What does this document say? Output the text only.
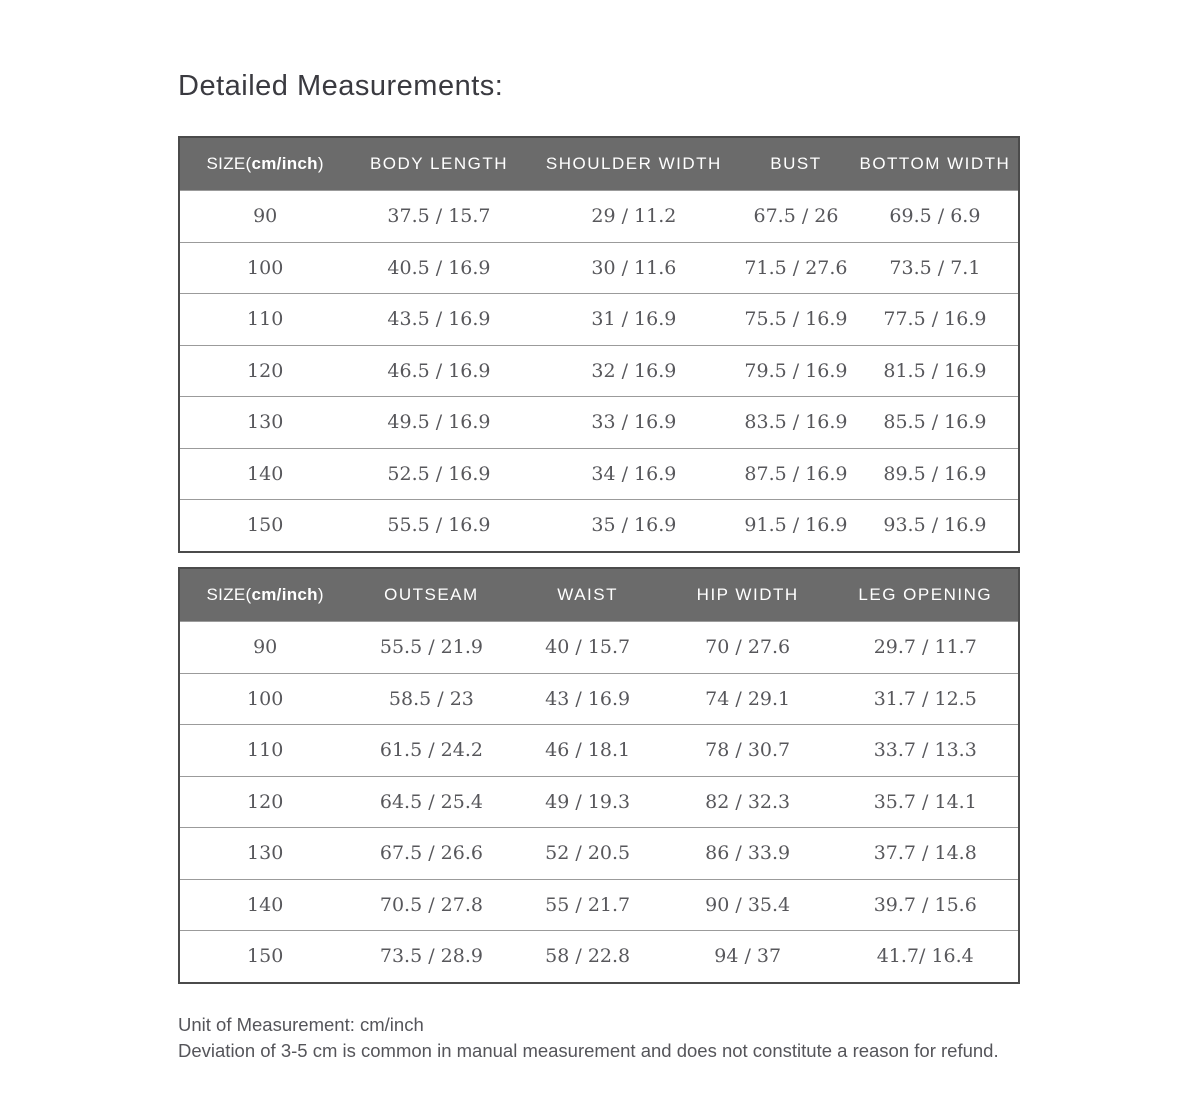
Detailed Measurements:
SIZE(cm/inch)	BODY LENGTH	SHOULDER WIDTH	BUST	BOTTOM WIDTH
90	37.5 / 15.7	29 / 11.2	67.5 / 26	69.5 / 6.9
100	40.5 / 16.9	30 / 11.6	71.5 / 27.6	73.5 / 7.1
110	43.5 / 16.9	31 / 16.9	75.5 / 16.9	77.5 / 16.9
120	46.5 / 16.9	32 / 16.9	79.5 / 16.9	81.5 / 16.9
130	49.5 / 16.9	33 / 16.9	83.5 / 16.9	85.5 / 16.9
140	52.5 / 16.9	34 / 16.9	87.5 / 16.9	89.5 / 16.9
150	55.5 / 16.9	35 / 16.9	91.5 / 16.9	93.5 / 16.9
SIZE(cm/inch)	OUTSEAM	WAIST	HIP WIDTH	LEG OPENING
90	55.5 / 21.9	40 / 15.7	70 / 27.6	29.7 / 11.7
100	58.5 / 23	43 / 16.9	74 / 29.1	31.7 / 12.5
110	61.5 / 24.2	46 / 18.1	78 / 30.7	33.7 / 13.3
120	64.5 / 25.4	49 / 19.3	82 / 32.3	35.7 / 14.1
130	67.5 / 26.6	52 / 20.5	86 / 33.9	37.7 / 14.8
140	70.5 / 27.8	55 / 21.7	90 / 35.4	39.7 / 15.6
150	73.5 / 28.9	58 / 22.8	94 / 37	41.7/ 16.4

Unit of Measurement: cm/inch

Deviation of 3-5 cm is common in manual measurement and does not constitute a reason for refund.
